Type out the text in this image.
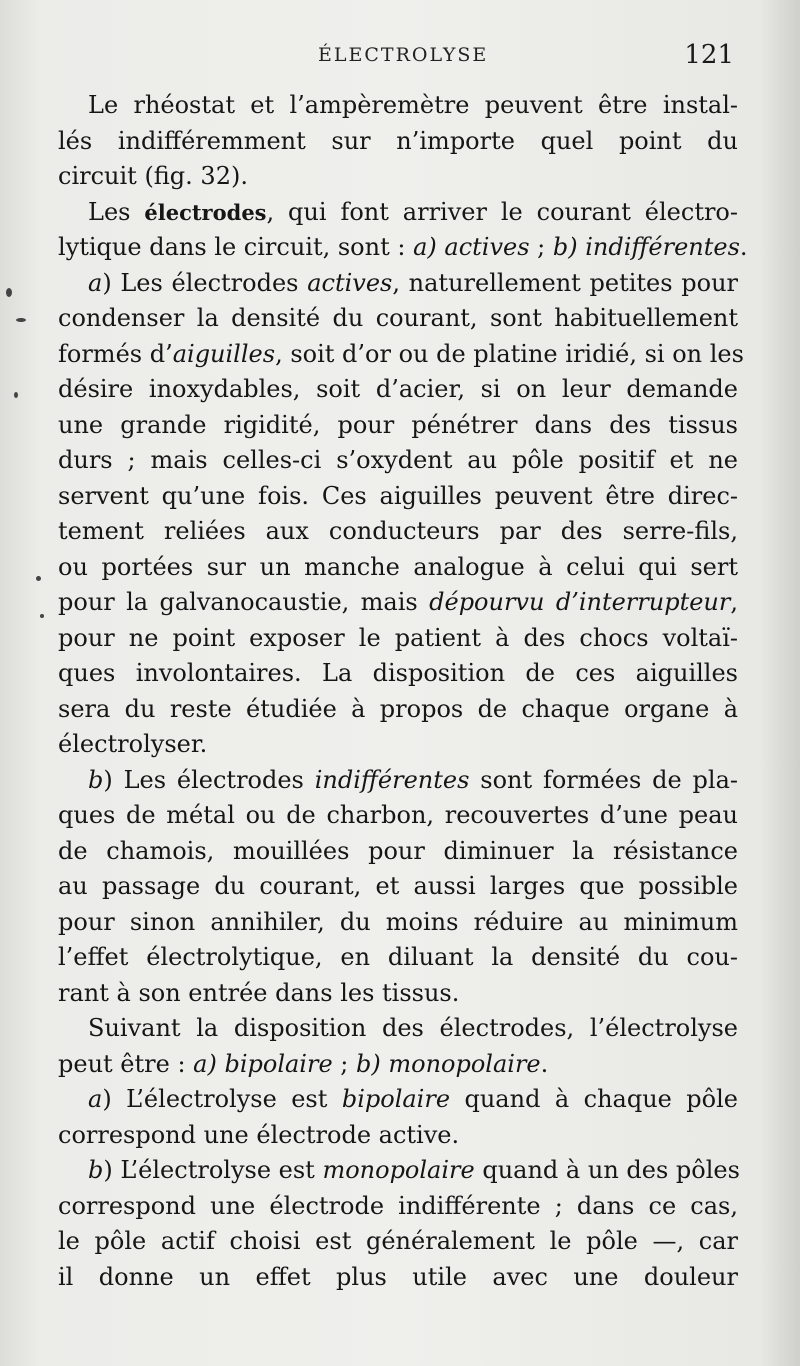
ÉLECTROLYSE	121
Le rhéostat et l’ampèremètre peuvent être instal-
lés indifféremment sur n’importe quel point du
circuit (fig. 32).
Les électrodes, qui font arriver le courant électro-
lytique dans le circuit, sont : a) actives ; b) indifférentes.
a) Les électrodes actives, naturellement petites pour
condenser la densité du courant, sont habituellement
formés d’aiguilles, soit d’or ou de platine iridié, si on les
désire inoxydables, soit d’acier, si on leur demande
une grande rigidité, pour pénétrer dans des tissus
durs ; mais celles-ci s’oxydent au pôle positif et ne
servent qu’une fois. Ces aiguilles peuvent être direc-
tement reliées aux conducteurs par des serre-fils,
ou portées sur un manche analogue à celui qui sert
pour la galvanocaustie, mais dépourvu d’interrupteur,
pour ne point exposer le patient à des chocs voltaï-
ques involontaires. La disposition de ces aiguilles
sera du reste étudiée à propos de chaque organe à
électrolyser.
b) Les électrodes indifférentes sont formées de pla-
ques de métal ou de charbon, recouvertes d’une peau
de chamois, mouillées pour diminuer la résistance
au passage du courant, et aussi larges que possible
pour sinon annihiler, du moins réduire au minimum
l’effet électrolytique, en diluant la densité du cou-
rant à son entrée dans les tissus.
Suivant la disposition des électrodes, l’électrolyse
peut être : a) bipolaire ; b) monopolaire.
a) L’électrolyse est bipolaire quand à chaque pôle
correspond une électrode active.
b) L’électrolyse est monopolaire quand à un des pôles
correspond une électrode indifférente ; dans ce cas,
le pôle actif choisi est généralement le pôle —, car
il donne un effet plus utile avec une douleur
